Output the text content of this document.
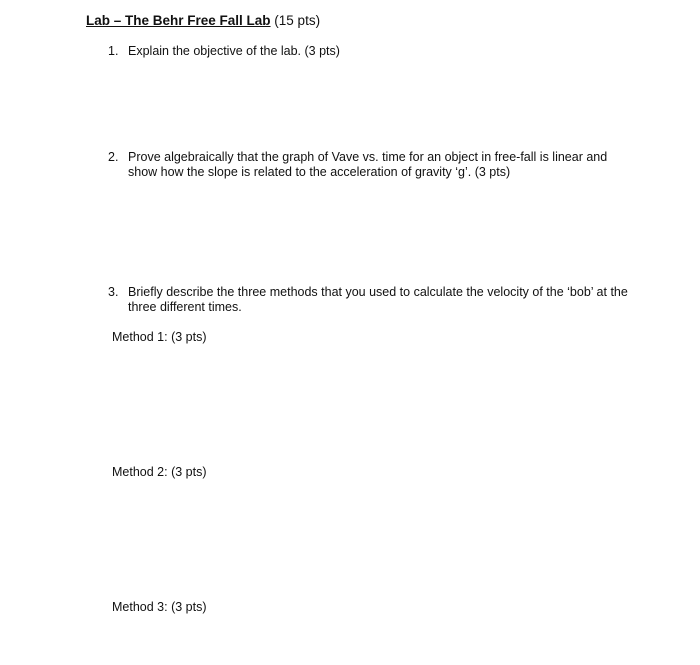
Lab – The Behr Free Fall Lab (15 pts)
1. Explain the objective of the lab. (3 pts)
2. Prove algebraically that the graph of Vave vs. time for an object in free-fall is linear and show how the slope is related to the acceleration of gravity ‘g’. (3 pts)
3. Briefly describe the three methods that you used to calculate the velocity of the ‘bob’ at the three different times.
Method 1: (3 pts)
Method 2: (3 pts)
Method 3: (3 pts)
